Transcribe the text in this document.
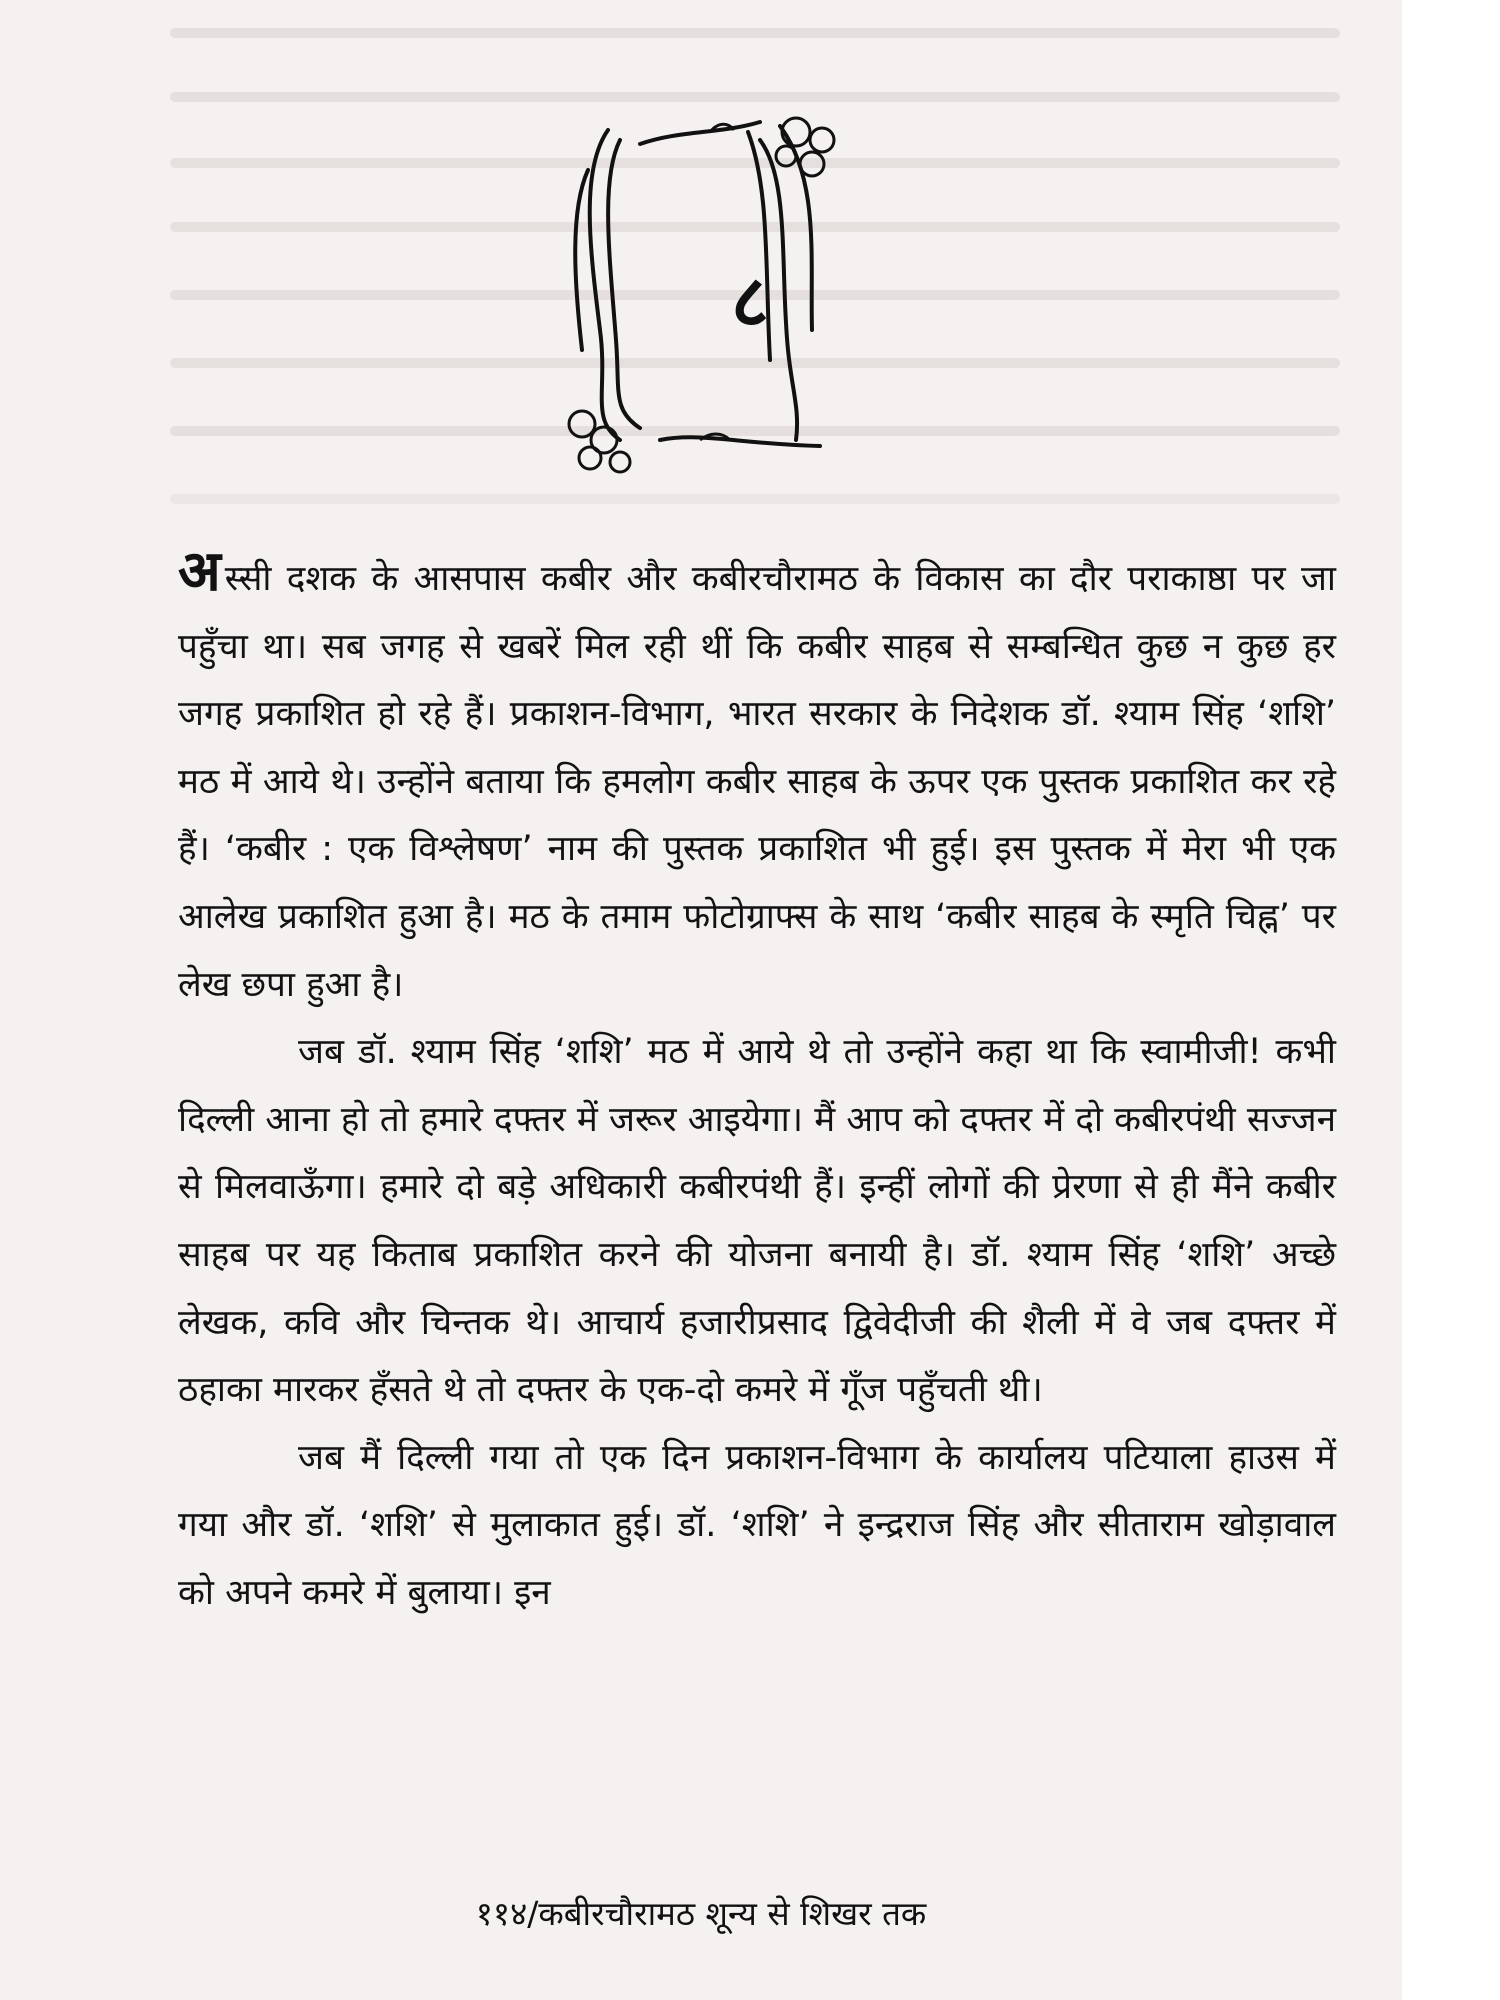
८

अस्सी दशक के आसपास कबीर और कबीरचौरामठ के विकास का दौर पराकाष्ठा पर जा पहुँचा था। सब जगह से खबरें मिल रही थीं कि कबीर साहब से सम्बन्धित कुछ न कुछ हर जगह प्रकाशित हो रहे हैं। प्रकाशन-विभाग, भारत सरकार के निदेशक डॉ. श्याम सिंह ‘शशि’ मठ में आये थे। उन्होंने बताया कि हमलोग कबीर साहब के ऊपर एक पुस्तक प्रकाशित कर रहे हैं। ‘कबीर : एक विश्लेषण’ नाम की पुस्तक प्रकाशित भी हुई। इस पुस्तक में मेरा भी एक आलेख प्रकाशित हुआ है। मठ के तमाम फोटोग्राफ्स के साथ ‘कबीर साहब के स्मृति चिह्न’ पर लेख छपा हुआ है।

जब डॉ. श्याम सिंह ‘शशि’ मठ में आये थे तो उन्होंने कहा था कि स्वामीजी! कभी दिल्ली आना हो तो हमारे दफ्तर में जरूर आइयेगा। मैं आप को दफ्तर में दो कबीरपंथी सज्जन से मिलवाऊँगा। हमारे दो बड़े अधिकारी कबीरपंथी हैं। इन्हीं लोगों की प्रेरणा से ही मैंने कबीर साहब पर यह किताब प्रकाशित करने की योजना बनायी है। डॉ. श्याम सिंह ‘शशि’ अच्छे लेखक, कवि और चिन्तक थे। आचार्य हजारीप्रसाद द्विवेदीजी की शैली में वे जब दफ्तर में ठहाका मारकर हँसते थे तो दफ्तर के एक-दो कमरे में गूँज पहुँचती थी।

जब मैं दिल्ली गया तो एक दिन प्रकाशन-विभाग के कार्यालय पटियाला हाउस में गया और डॉ. ‘शशि’ से मुलाकात हुई। डॉ. ‘शशि’ ने इन्द्रराज सिंह और सीताराम खोड़ावाल को अपने कमरे में बुलाया। इन

११४/कबीरचौरामठ शून्य से शिखर तक
